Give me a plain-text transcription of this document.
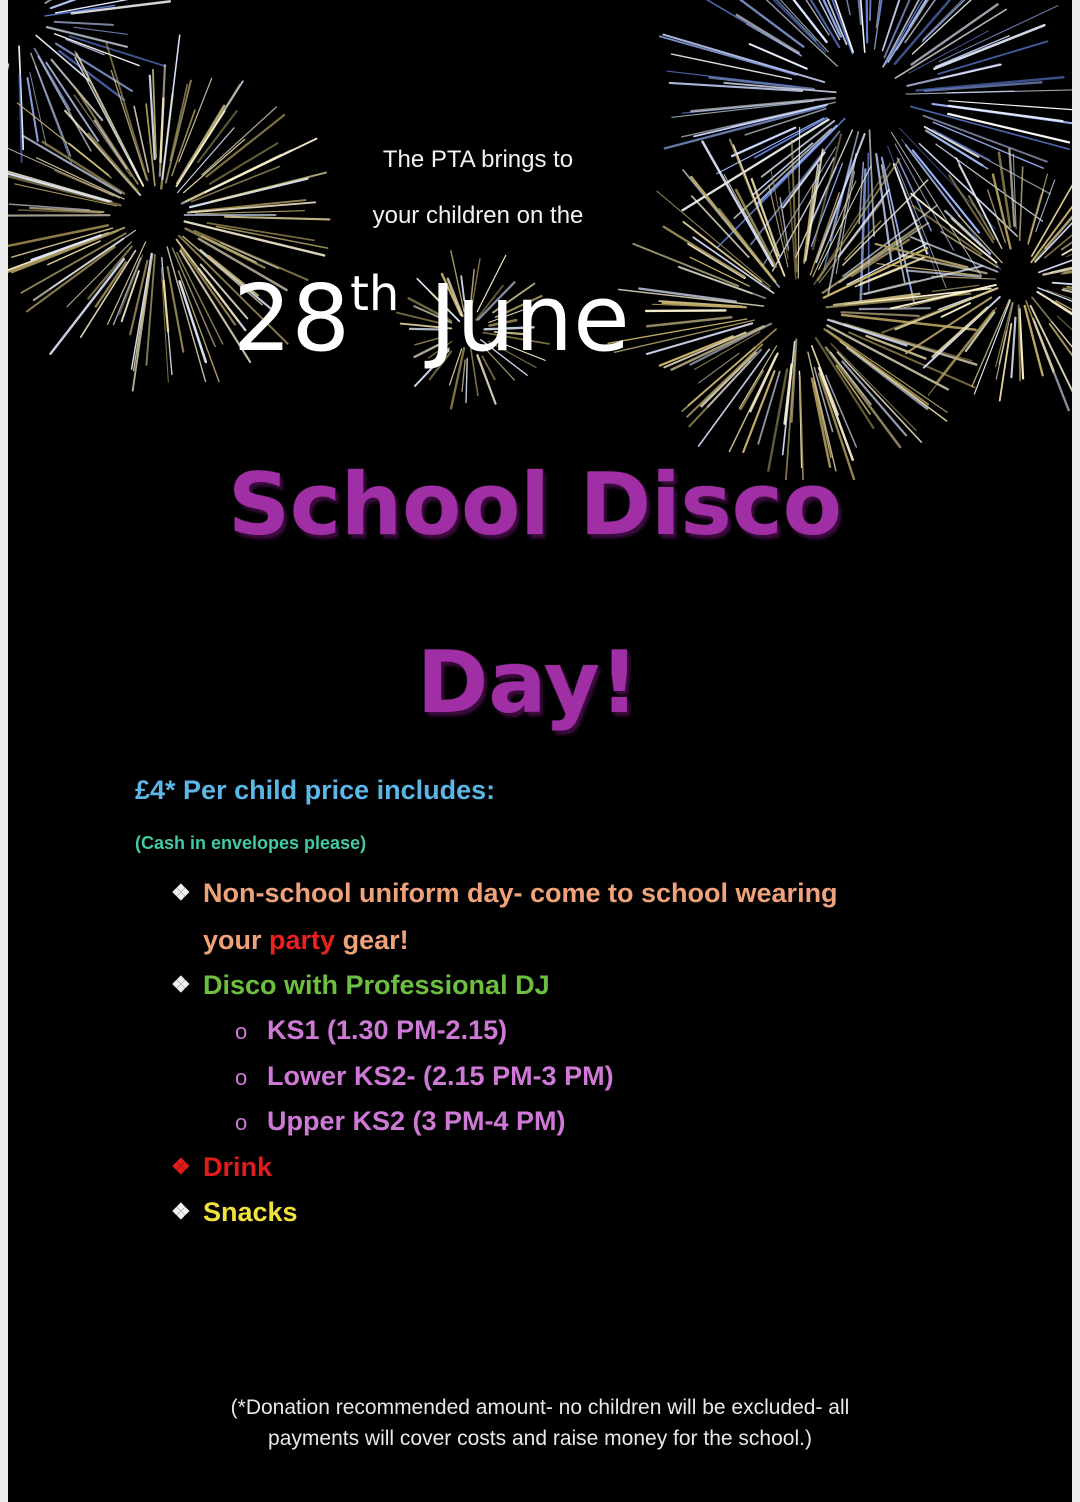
The PTA brings to
your children on the
28th June
School Disco
Day!
£4* Per child price includes:
(Cash in envelopes please)
❖ Non-school uniform day- come to school wearing
your party gear!
❖ Disco with Professional DJ
o KS1 (1.30 PM-2.15)
o Lower KS2- (2.15 PM-3 PM)
o Upper KS2 (3 PM-4 PM)
❖ Drink
❖ Snacks
(*Donation recommended amount- no children will be excluded- all
payments will cover costs and raise money for the school.)
